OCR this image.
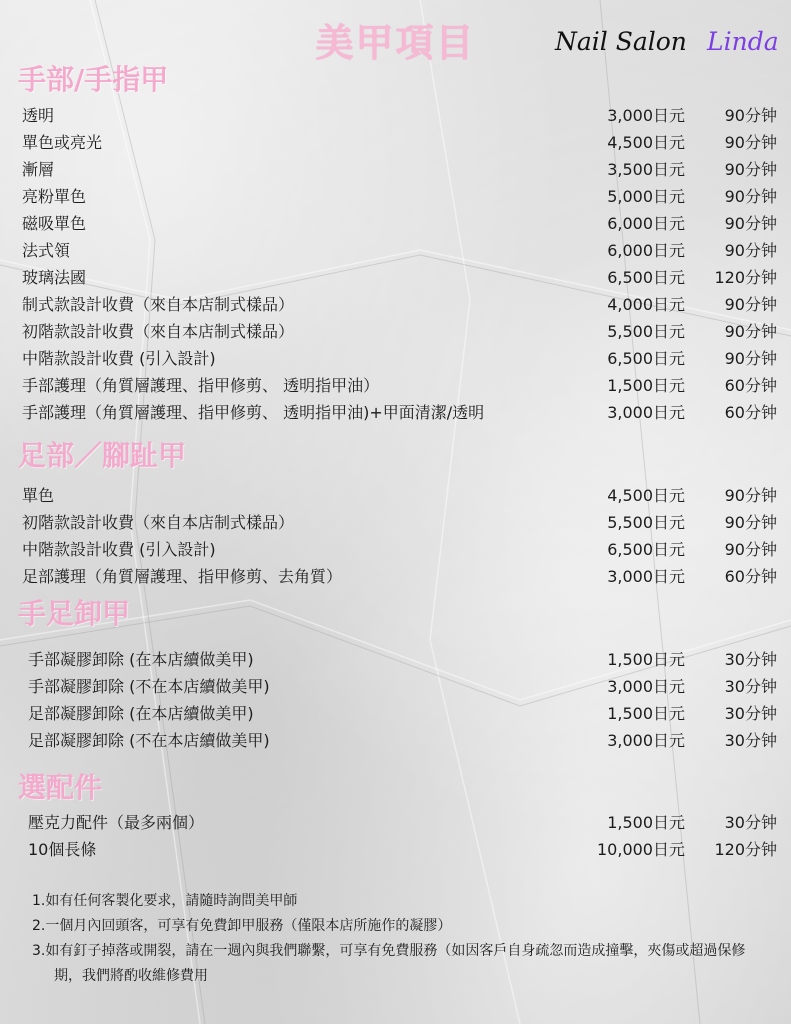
美甲項目	Nail Salon Linda
手部/手指甲
透明	3,000日元 90分钟
單色或亮光	4,500日元 90分钟
漸層	3,500日元 90分钟
亮粉單色	5,000日元 90分钟
磁吸單色	6,000日元 90分钟
法式領	6,000日元 90分钟
玻璃法國	6,500日元 120分钟
制式款設計收費（來自本店制式樣品）	4,000日元 90分钟
初階款設計收費（來自本店制式樣品）	5,500日元 90分钟
中階款設計收費 (引入設計)	6,500日元 90分钟
手部護理（角質層護理、指甲修剪、 透明指甲油）	1,500日元 60分钟
手部護理（角質層護理、指甲修剪、 透明指甲油)+甲面清潔/透明	3,000日元 60分钟
足部／腳趾甲
單色	4,500日元 90分钟
初階款設計收費（來自本店制式樣品）	5,500日元 90分钟
中階款設計收費 (引入設計)	6,500日元 90分钟
足部護理（角質層護理、指甲修剪、去角質）	3,000日元 60分钟
手足卸甲
手部凝膠卸除 (在本店續做美甲)	1,500日元 30分钟
手部凝膠卸除 (不在本店續做美甲)	3,000日元 30分钟
足部凝膠卸除 (在本店續做美甲)	1,500日元 30分钟
足部凝膠卸除 (不在本店續做美甲)	3,000日元 30分钟
選配件
壓克力配件（最多兩個）	1,500日元 30分钟
10個長條	10,000日元 120分钟
1.如有任何客製化要求，請隨時詢問美甲師
2.一個月內回頭客，可享有免費卸甲服務（僅限本店所施作的凝膠）
3.如有釘子掉落或開裂，請在一週內與我們聯繫，可享有免費服務（如因客戶自身疏忽而造成撞擊，夾傷或超過保修期，我們將酌收維修費用
